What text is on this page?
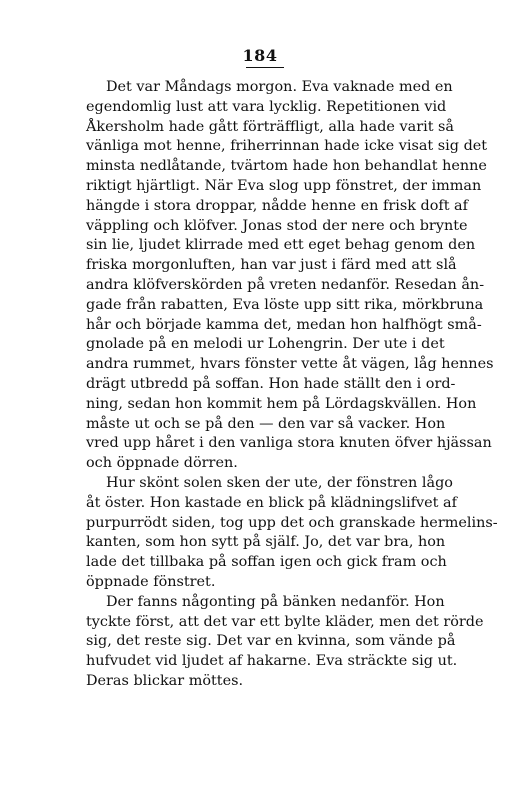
184
Det var Måndags morgon. Eva vaknade med en
egendomlig lust att vara lycklig. Repetitionen vid
Åkersholm hade gått förträffligt, alla hade varit så
vänliga mot henne, friherrinnan hade icke visat sig det
minsta nedlåtande, tvärtom hade hon behandlat henne
riktigt hjärtligt. När Eva slog upp fönstret, der imman
hängde i stora droppar, nådde henne en frisk doft af
väppling och klöfver. Jonas stod der nere och brynte
sin lie, ljudet klirrade med ett eget behag genom den
friska morgonluften, han var just i färd med att slå
andra klöfverskörden på vreten nedanför. Resedan ån-
gade från rabatten, Eva löste upp sitt rika, mörkbruna
hår och började kamma det, medan hon halfhögt små-
gnolade på en melodi ur Lohengrin. Der ute i det
andra rummet, hvars fönster vette åt vägen, låg hennes
drägt utbredd på soffan. Hon hade ställt den i ord-
ning, sedan hon kommit hem på Lördagskvällen. Hon
måste ut och se på den — den var så vacker. Hon
vred upp håret i den vanliga stora knuten öfver hjässan
och öppnade dörren.
Hur skönt solen sken der ute, der fönstren lågo
åt öster. Hon kastade en blick på klädningslifvet af
purpurrödt siden, tog upp det och granskade hermelins-
kanten, som hon sytt på själf. Jo, det var bra, hon
lade det tillbaka på soffan igen och gick fram och
öppnade fönstret.
Der fanns någonting på bänken nedanför. Hon
tyckte först, att det var ett bylte kläder, men det rörde
sig, det reste sig. Det var en kvinna, som vände på
hufvudet vid ljudet af hakarne. Eva sträckte sig ut.
Deras blickar möttes.
